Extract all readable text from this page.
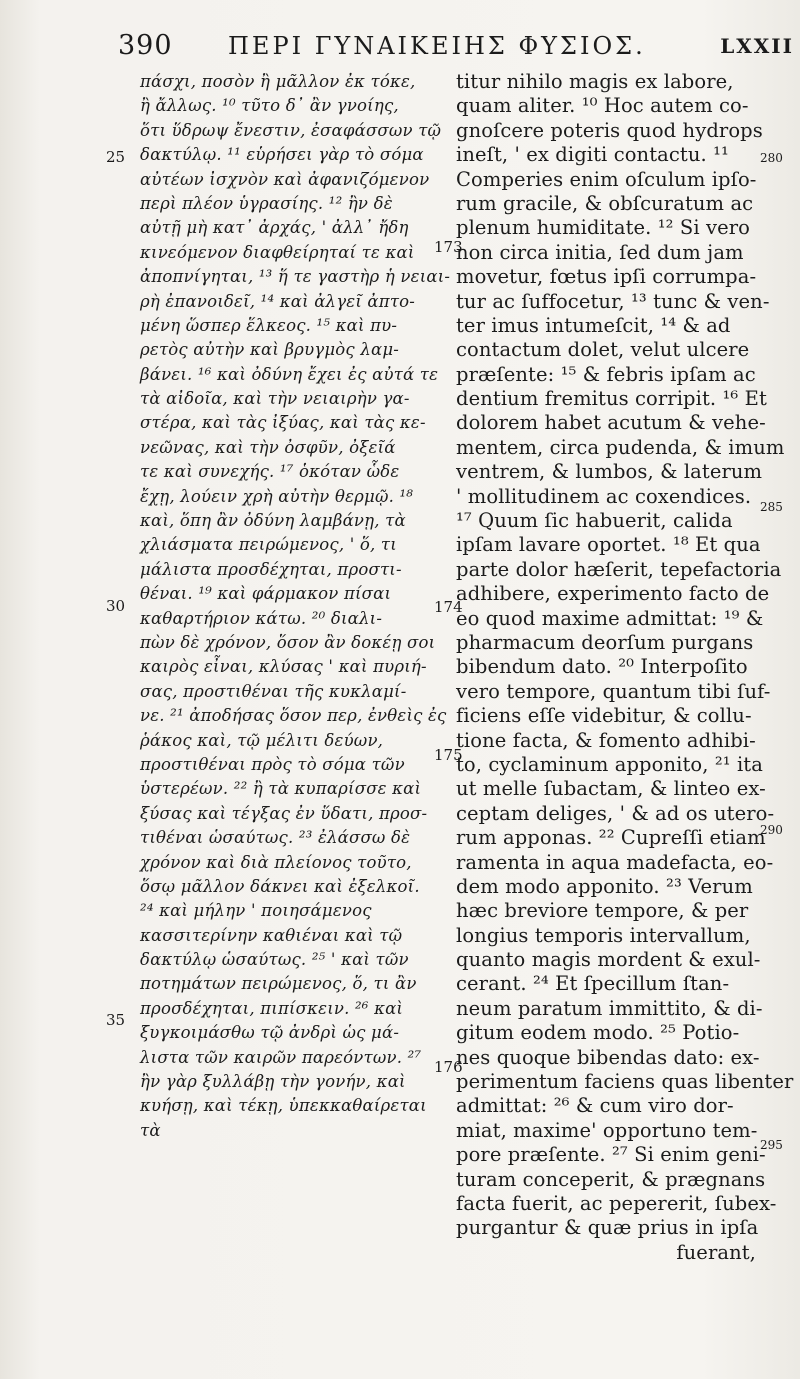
390 ΠΕΡΙ ΓΥΝΑΙΚΕΙΗΣ ΦΥΣΙΟΣ.	LXXII
πάσχι, ποσὸν ἢ μᾶλλον ἐκ τόκε,
ἢ ἄλλως. ¹⁰ τῦτο δ᾽ ἂν γνοίης,
ὅτι ὕδρωψ ἔνεστιν, ἐσαφάσσων τῷ
δακτύλῳ. ¹¹ εὑρήσει γὰρ τὸ σόμα
αὐτέων ἰσχνὸν καὶ ἀφανιζόμενον
περὶ πλέον ὑγρασίης. ¹² ἢν δὲ
αὐτῇ μὴ κατ᾽ ἀρχάς, ' ἀλλ᾽ ἤδη
κινεόμενον διαφθείρηταί τε καὶ
ἀποπνίγηται, ¹³ ἥ τε γαστὴρ ἡ νειαι-
ρὴ ἐπανοιδεῖ, ¹⁴ καὶ ἀλγεῖ ἀπτο-
μένη ὥσπερ ἕλκεος. ¹⁵ καὶ πυ-
ρετὸς αὐτὴν καὶ βρυγμὸς λαμ-
βάνει. ¹⁶ καὶ ὀδύνη ἔχει ἐς αὐτά τε
τὰ αἰδοῖα, καὶ τὴν νειαιρὴν γα-
στέρα, καὶ τὰς ἰξύας, καὶ τὰς κε-
νεῶνας, καὶ τὴν ὀσφῦν, ὀξεῖά
τε καὶ συνεχής. ¹⁷ ὁκόταν ὧδε
ἔχῃ, λούειν χρὴ αὐτὴν θερμῷ. ¹⁸
καὶ, ὅπη ἂν ὀδύνη λαμβάνῃ, τὰ
χλιάσματα πειρώμενος, ' ὅ, τι
μάλιστα προσδέχηται, προστι-
θέναι. ¹⁹ καὶ φάρμακον πίσαι
καθαρτήριον κάτω. ²⁰ διαλι-
πὼν δὲ χρόνον, ὅσον ἂν δοκέῃ σοι
καιρὸς εἶναι, κλύσας ' καὶ πυριή-
σας, προστιθέναι τῆς κυκλαμί-
νε. ²¹ ἀποδήσας ὅσον περ, ἐνθεὶς ἐς
ῥάκος καὶ, τῷ μέλιτι δεύων,
προστιθέναι πρὸς τὸ σόμα τῶν
ὑστερέων. ²² ἢ τὰ κυπαρίσσε καὶ
ξύσας καὶ τέγξας ἐν ὕδατι, προσ-
τιθέναι ὡσαύτως. ²³ ἐλάσσω δὲ
χρόνον καὶ διὰ πλείονος τοῦτο,
ὅσῳ μᾶλλον δάκνει καὶ ἐξελκοῖ.
²⁴ καὶ μήλην ' ποιησάμενος
κασσιτερίνην καθιέναι καὶ τῷ
δακτύλῳ ὡσαύτως. ²⁵ ' καὶ τῶν
ποτημάτων πειρώμενος, ὅ, τι ἂν
προσδέχηται, πιπίσκειν. ²⁶ καὶ
ξυγκοιμάσθω τῷ ἀνδρὶ ὡς μά-
λιστα τῶν καιρῶν παρεόντων. ²⁷
ἢν γὰρ ξυλλάβῃ τὴν γονήν, καὶ
κυήσῃ, καὶ τέκῃ, ὑπεκκαθαίρεται
τὰ
titur nihilo magis ex labore,
quam aliter. ¹⁰ Hoc autem co-
gnoſcere poteris quod hydrops
ineſt, ' ex digiti contactu. ¹¹
Comperies enim oſculum ipſo-
rum gracile, & obſcuratum ac
plenum humiditate. ¹² Si vero
non circa initia, ſed dum jam
movetur, fœtus ipſi corrumpa-
tur ac ſuffocetur, ¹³ tunc & ven-
ter imus intumeſcit, ¹⁴ & ad
contactum dolet, velut ulcere
præſente: ¹⁵ & febris ipſam ac
dentium fremitus corripit. ¹⁶ Et
dolorem habet acutum & vehe-
mentem, circa pudenda, & imum
ventrem, & lumbos, & laterum
' mollitudinem ac coxendices.
¹⁷ Quum ſic habuerit, calida
ipſam lavare oportet. ¹⁸ Et qua
parte dolor hæſerit, tepefactoria
adhibere, experimento facto de
eo quod maxime admittat: ¹⁹ &
pharmacum deorſum purgans
bibendum dato. ²⁰ Interpoſito
vero tempore, quantum tibi ſuf-
ficiens eſſe videbitur, & collu-
tione facta, & fomento adhibi-
to, cyclaminum apponito, ²¹ ita
ut melle ſubactam, & linteo ex-
ceptam deliges, ' & ad os utero-
rum apponas. ²² Cupreſſi etiam
ramenta in aqua madefacta, eo-
dem modo apponito. ²³ Verum
hæc breviore tempore, & per
longius temporis intervallum,
quanto magis mordent & exul-
cerant. ²⁴ Et ſpecillum ſtan-
neum paratum immittito, & di-
gitum eodem modo. ²⁵ Potio-
nes quoque bibendas dato: ex-
perimentum faciens quas libenter
admittat: ²⁶ & cum viro dor-
miat, maxime' opportuno tem-
pore præſente. ²⁷ Si enim geni-
turam conceperit, & prægnans
facta fuerit, ac pepererit, ſubex-
purgantur & quæ prius in ipſa
fuerant,
25
30
35
173
174
175
176
280
285
290
295
